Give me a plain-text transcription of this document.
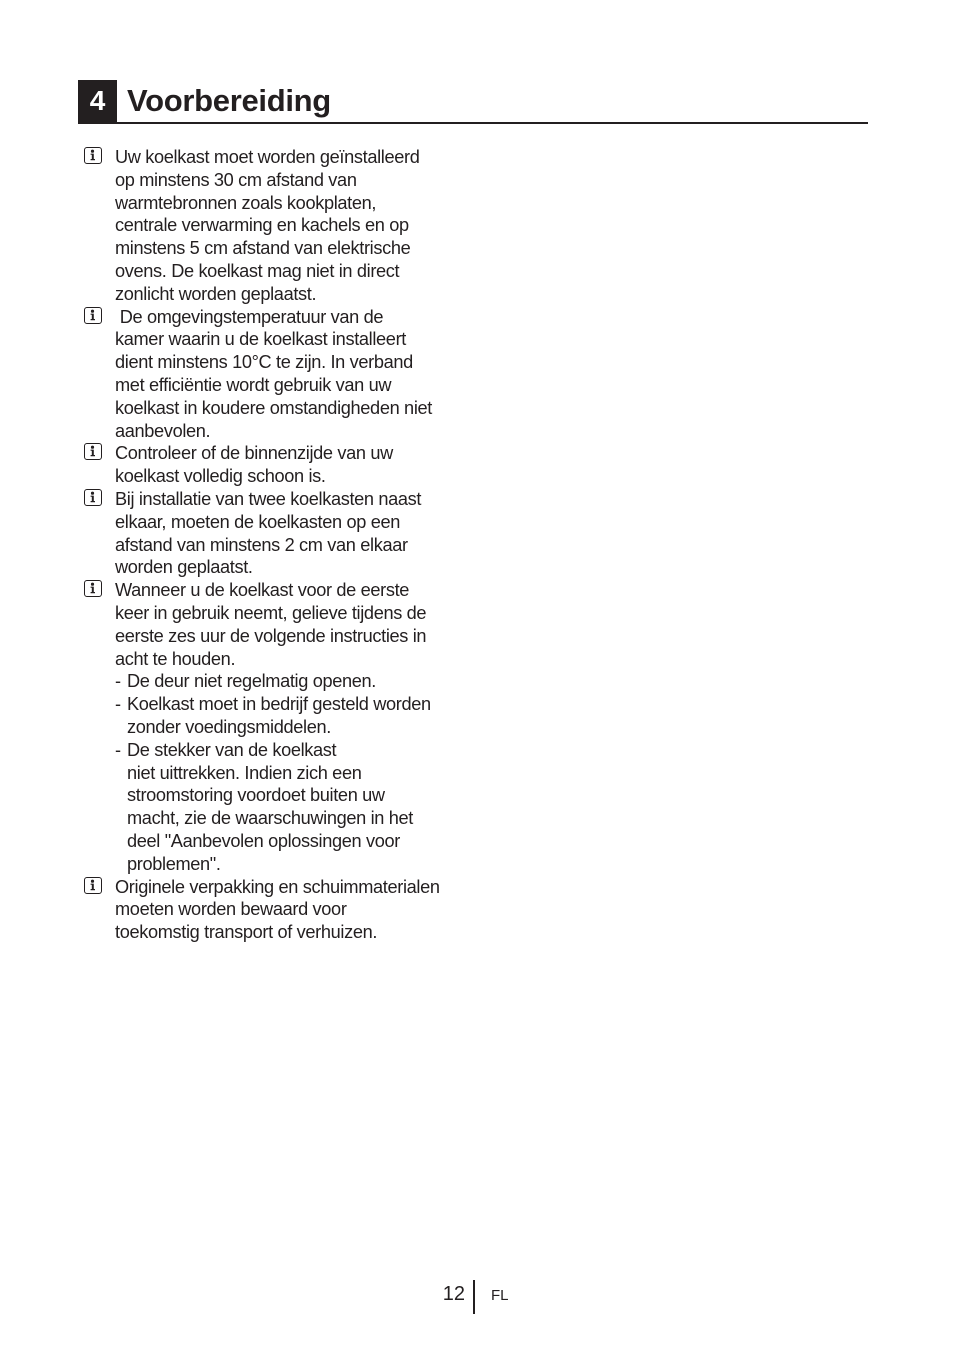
4 Voorbereiding
Uw koelkast moet worden geïnstalleerd
op minstens 30 cm afstand van
warmtebronnen zoals kookplaten,
centrale verwarming en kachels en op
minstens 5 cm afstand van elektrische
ovens. De koelkast mag niet in direct
zonlicht worden geplaatst.
De omgevingstemperatuur van de
kamer waarin u de koelkast installeert
dient minstens 10°C te zijn. In verband
met efficiëntie wordt gebruik van uw
koelkast in koudere omstandigheden niet
aanbevolen.
Controleer of de binnenzijde van uw
koelkast volledig schoon is.
Bij installatie van twee koelkasten naast
elkaar, moeten de koelkasten op een
afstand van minstens 2 cm van elkaar
worden geplaatst.
Wanneer u de koelkast voor de eerste
keer in gebruik neemt, gelieve tijdens de
eerste zes uur de volgende instructies in
acht te houden.
- De deur niet regelmatig openen.
- Koelkast moet in bedrijf gesteld worden
zonder voedingsmiddelen.
- De stekker van de koelkast
niet uittrekken. Indien zich een
stroomstoring voordoet buiten uw
macht, zie de waarschuwingen in het
deel "Aanbevolen oplossingen voor
problemen".
Originele verpakking en schuimmaterialen
moeten worden bewaard voor
toekomstig transport of verhuizen.
12 FL
